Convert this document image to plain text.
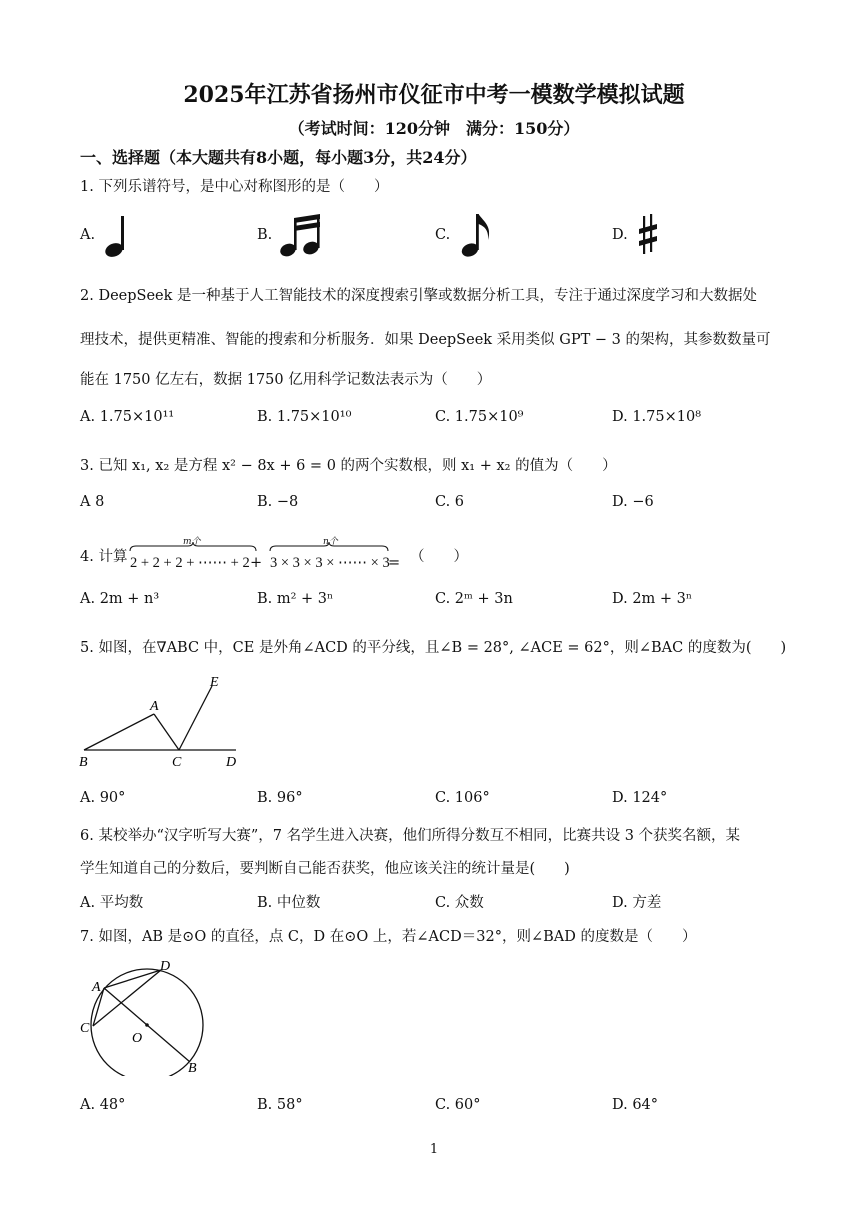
2025年江苏省扬州市仪征市中考一模数学模拟试题
（考试时间：120分钟　满分：150分）
一、选择题（本大题共有8小题，每小题3分，共24分）
1. 下列乐谱符号，是中心对称图形的是（　　）
A.	B.	C.	D.
2. DeepSeek 是一种基于人工智能技术的深度搜索引擎或数据分析工具，专注于通过深度学习和大数据处
理技术，提供更精准、智能的搜索和分析服务．如果 DeepSeek 采用类似 GPT − 3 的架构，其参数数量可
能在 1750 亿左右，数据 1750 亿用科学记数法表示为（　　）
A. 1.75×10¹¹	B. 1.75×10¹⁰	C. 1.75×10⁹	D. 1.75×10⁸
3. 已知 x₁, x₂ 是方程 x² − 8x + 6 = 0 的两个实数根，则 x₁ + x₂ 的值为（　　）
A 8	B. −8	C. 6	D. −6
4. 计算
m个
2 + 2 + 2 + ⋯⋯ + 2 +
n个
3 × 3 × 3 × ⋯⋯ × 3
= （　　）
A. 2m + n³	B. m² + 3ⁿ	C. 2ᵐ + 3n	D. 2m + 3ⁿ
5. 如图，在∇ABC 中，CE 是外角∠ACD 的平分线，且∠B = 28°, ∠ACE = 62°，则∠BAC 的度数为(　　)
A
B	C	D
E
A. 90°	B. 96°	C. 106°	D. 124°
6. 某校举办“汉字听写大赛”，7 名学生进入决赛，他们所得分数互不相同，比赛共设 3 个获奖名额，某
学生知道自己的分数后，要判断自己能否获奖，他应该关注的统计量是(　　)
A. 平均数	B. 中位数	C. 众数	D. 方差
7. 如图，AB 是⊙O 的直径，点 C，D 在⊙O 上，若∠ACD＝32°，则∠BAD 的度数是（　　）
A
B
C
D
O
A. 48°	B. 58°	C. 60°	D. 64°
1
